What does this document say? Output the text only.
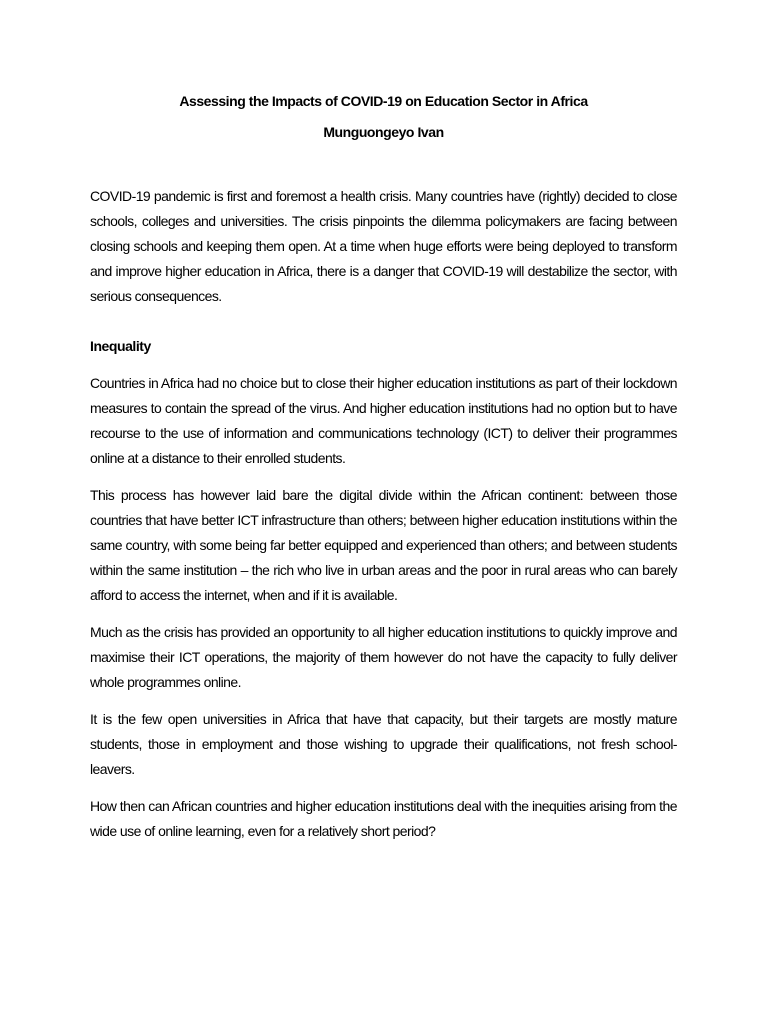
Assessing the Impacts of COVID-19 on Education Sector in Africa
Munguongeyo Ivan

COVID-19 pandemic is first and foremost a health crisis. Many countries have (rightly) decided to close schools, colleges and universities. The crisis pinpoints the dilemma policymakers are facing between closing schools and keeping them open. At a time when huge efforts were being deployed to transform and improve higher education in Africa, there is a danger that COVID-19 will destabilize the sector, with serious consequences.

Inequality

Countries in Africa had no choice but to close their higher education institutions as part of their lockdown measures to contain the spread of the virus. And higher education institutions had no option but to have recourse to the use of information and communications technology (ICT) to deliver their programmes online at a distance to their enrolled students.

This process has however laid bare the digital divide within the African continent: between those countries that have better ICT infrastructure than others; between higher education institutions within the same country, with some being far better equipped and experienced than others; and between students within the same institution – the rich who live in urban areas and the poor in rural areas who can barely afford to access the internet, when and if it is available.

Much as the crisis has provided an opportunity to all higher education institutions to quickly improve and maximise their ICT operations, the majority of them however do not have the capacity to fully deliver whole programmes online.

It is the few open universities in Africa that have that capacity, but their targets are mostly mature students, those in employment and those wishing to upgrade their qualifications, not fresh school-leavers.

How then can African countries and higher education institutions deal with the inequities arising from the wide use of online learning, even for a relatively short period?
